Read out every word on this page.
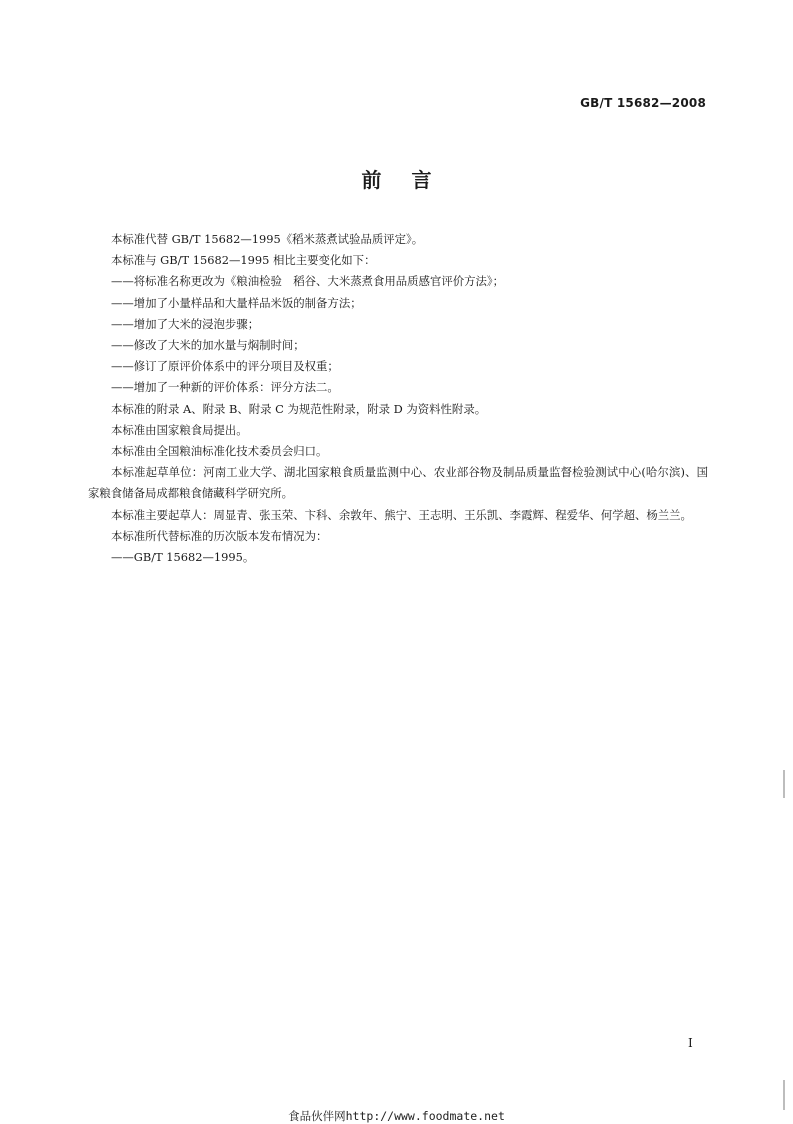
GB/T 15682—2008
前言

本标准代替 GB/T 15682—1995《稻米蒸煮试验品质评定》。

本标准与 GB/T 15682—1995 相比主要变化如下：

——将标准名称更改为《粮油检验　稻谷、大米蒸煮食用品质感官评价方法》；

——增加了小量样品和大量样品米饭的制备方法；

——增加了大米的浸泡步骤；

——修改了大米的加水量与焖制时间；

——修订了原评价体系中的评分项目及权重；

——增加了一种新的评价体系：评分方法二。

本标准的附录 A、附录 B、附录 C 为规范性附录，附录 D 为资料性附录。

本标准由国家粮食局提出。

本标准由全国粮油标准化技术委员会归口。

本标准起草单位：河南工业大学、湖北国家粮食质量监测中心、农业部谷物及制品质量监督检验测试中心(哈尔滨)、国家粮食储备局成都粮食储藏科学研究所。

本标准主要起草人：周显青、张玉荣、卞科、余敦年、熊宁、王志明、王乐凯、李霞辉、程爱华、何学超、杨兰兰。

本标准所代替标准的历次版本发布情况为：

——GB/T 15682—1995。

I
食品伙伴网http://www.foodmate.net
